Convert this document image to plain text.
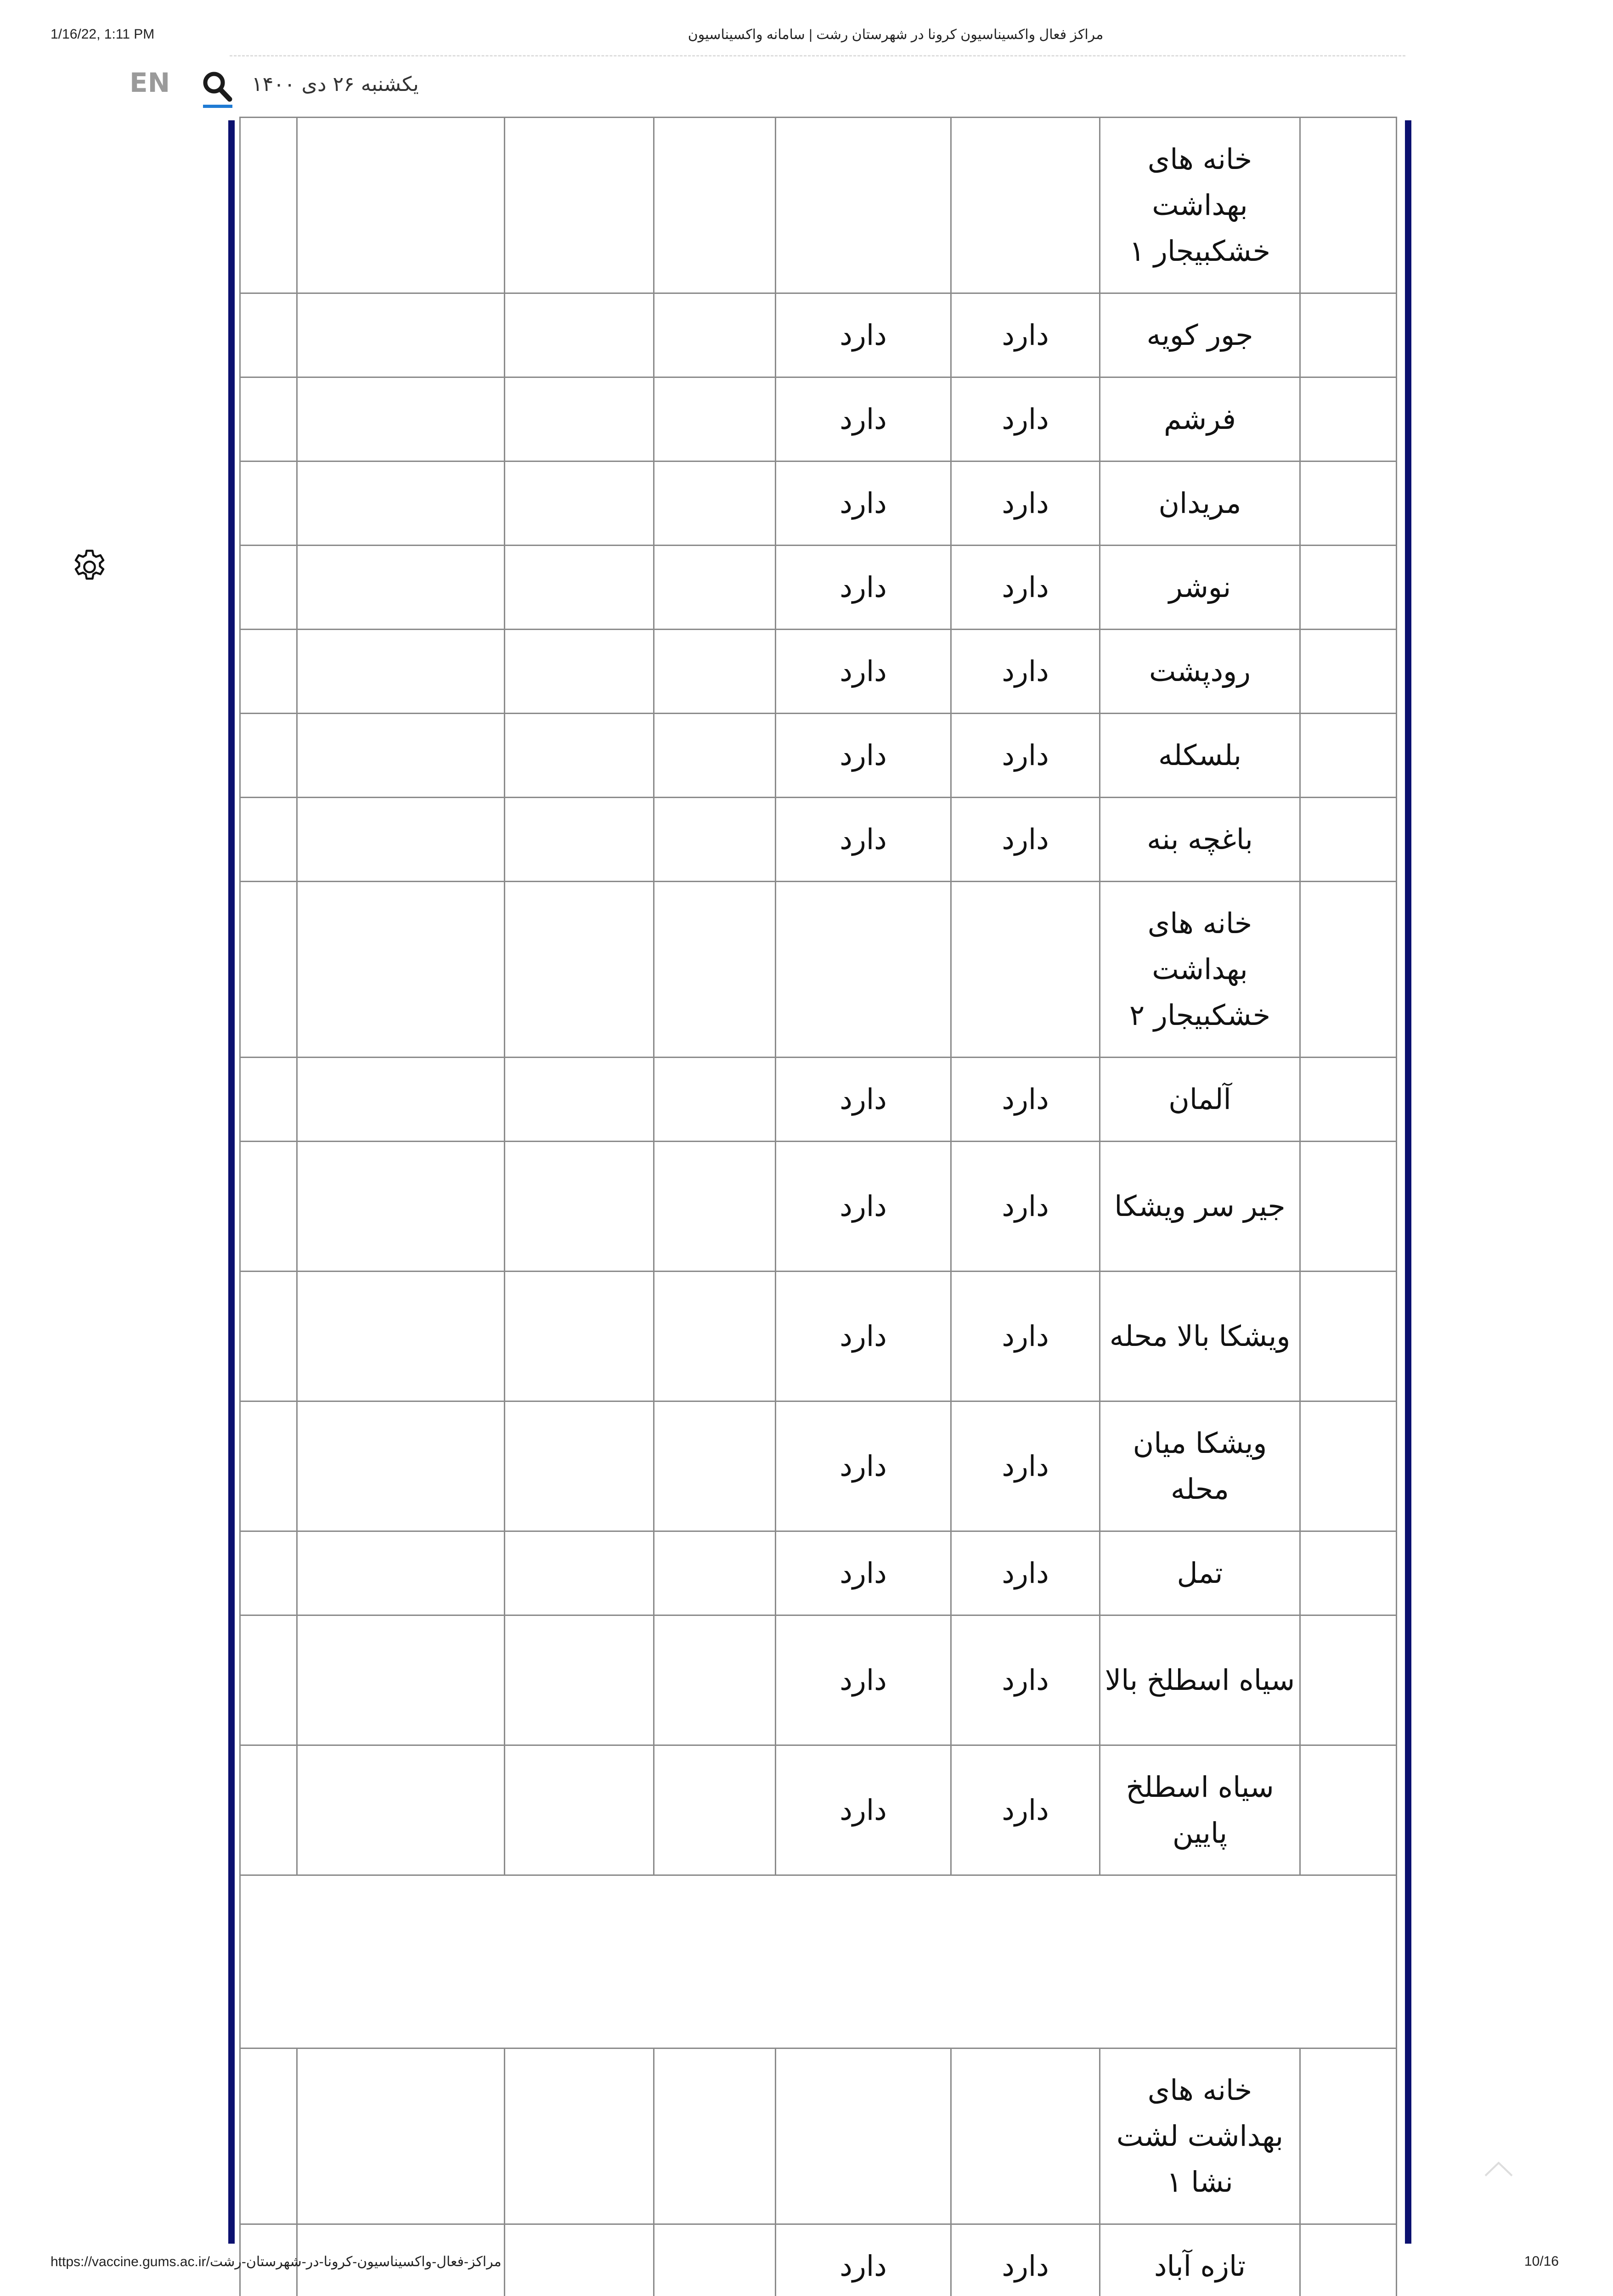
1/16/22, 1:11 PM	مراکز فعال واکسیناسیون کرونا در شهرستان رشت | سامانه واکسیناسیون
EN	یکشنبه ۲۶ دی ۱۴۰۰
	خانه های بهداشت خشکبیجار ۱						
	جور کویه	دارد	دارد				
	فرشم	دارد	دارد				
	مریدان	دارد	دارد				
	نوشر	دارد	دارد				
	رودپشت	دارد	دارد				
	بلسکله	دارد	دارد				
	باغچه بنه	دارد	دارد				
	خانه های بهداشت خشکبیجار ۲						
	آلمان	دارد	دارد				
	جیر سر ویشکا	دارد	دارد				
	ویشکا بالا محله	دارد	دارد				
	ویشکا میان محله	دارد	دارد				
	تمل	دارد	دارد				
	سیاه اسطلخ بالا	دارد	دارد				
	سیاه اسطلخ پایین	دارد	دارد				

	خانه های بهداشت لشت نشا ۱						
	تازه آباد	دارد	دارد				
https://vaccine.gums.ac.ir/مراکز-فعال-واکسیناسیون-کرونا-در-شهرستان-رشت	10/16
